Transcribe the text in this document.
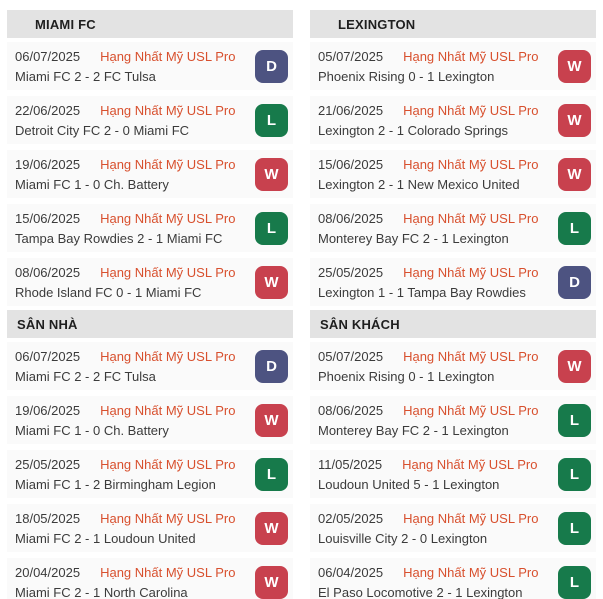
MIAMI FC
06/07/2025 Hạng Nhất Mỹ USL Pro
Miami FC 2 - 2 FC Tulsa
D
22/06/2025 Hạng Nhất Mỹ USL Pro
Detroit City FC 2 - 0 Miami FC
L
19/06/2025 Hạng Nhất Mỹ USL Pro
Miami FC 1 - 0 Ch. Battery
W
15/06/2025 Hạng Nhất Mỹ USL Pro
Tampa Bay Rowdies 2 - 1 Miami FC
L
08/06/2025 Hạng Nhất Mỹ USL Pro
Rhode Island FC 0 - 1 Miami FC
W
SÂN NHÀ
06/07/2025 Hạng Nhất Mỹ USL Pro
Miami FC 2 - 2 FC Tulsa
D
19/06/2025 Hạng Nhất Mỹ USL Pro
Miami FC 1 - 0 Ch. Battery
W
25/05/2025 Hạng Nhất Mỹ USL Pro
Miami FC 1 - 2 Birmingham Legion
L
18/05/2025 Hạng Nhất Mỹ USL Pro
Miami FC 2 - 1 Loudoun United
W
20/04/2025 Hạng Nhất Mỹ USL Pro
Miami FC 2 - 1 North Carolina
W
LEXINGTON
05/07/2025 Hạng Nhất Mỹ USL Pro
Phoenix Rising 0 - 1 Lexington
W
21/06/2025 Hạng Nhất Mỹ USL Pro
Lexington 2 - 1 Colorado Springs
W
15/06/2025 Hạng Nhất Mỹ USL Pro
Lexington 2 - 1 New Mexico United
W
08/06/2025 Hạng Nhất Mỹ USL Pro
Monterey Bay FC 2 - 1 Lexington
L
25/05/2025 Hạng Nhất Mỹ USL Pro
Lexington 1 - 1 Tampa Bay Rowdies
D
SÂN KHÁCH
05/07/2025 Hạng Nhất Mỹ USL Pro
Phoenix Rising 0 - 1 Lexington
W
08/06/2025 Hạng Nhất Mỹ USL Pro
Monterey Bay FC 2 - 1 Lexington
L
11/05/2025 Hạng Nhất Mỹ USL Pro
Loudoun United 5 - 1 Lexington
L
02/05/2025 Hạng Nhất Mỹ USL Pro
Louisville City 2 - 0 Lexington
L
06/04/2025 Hạng Nhất Mỹ USL Pro
El Paso Locomotive 2 - 1 Lexington
L
